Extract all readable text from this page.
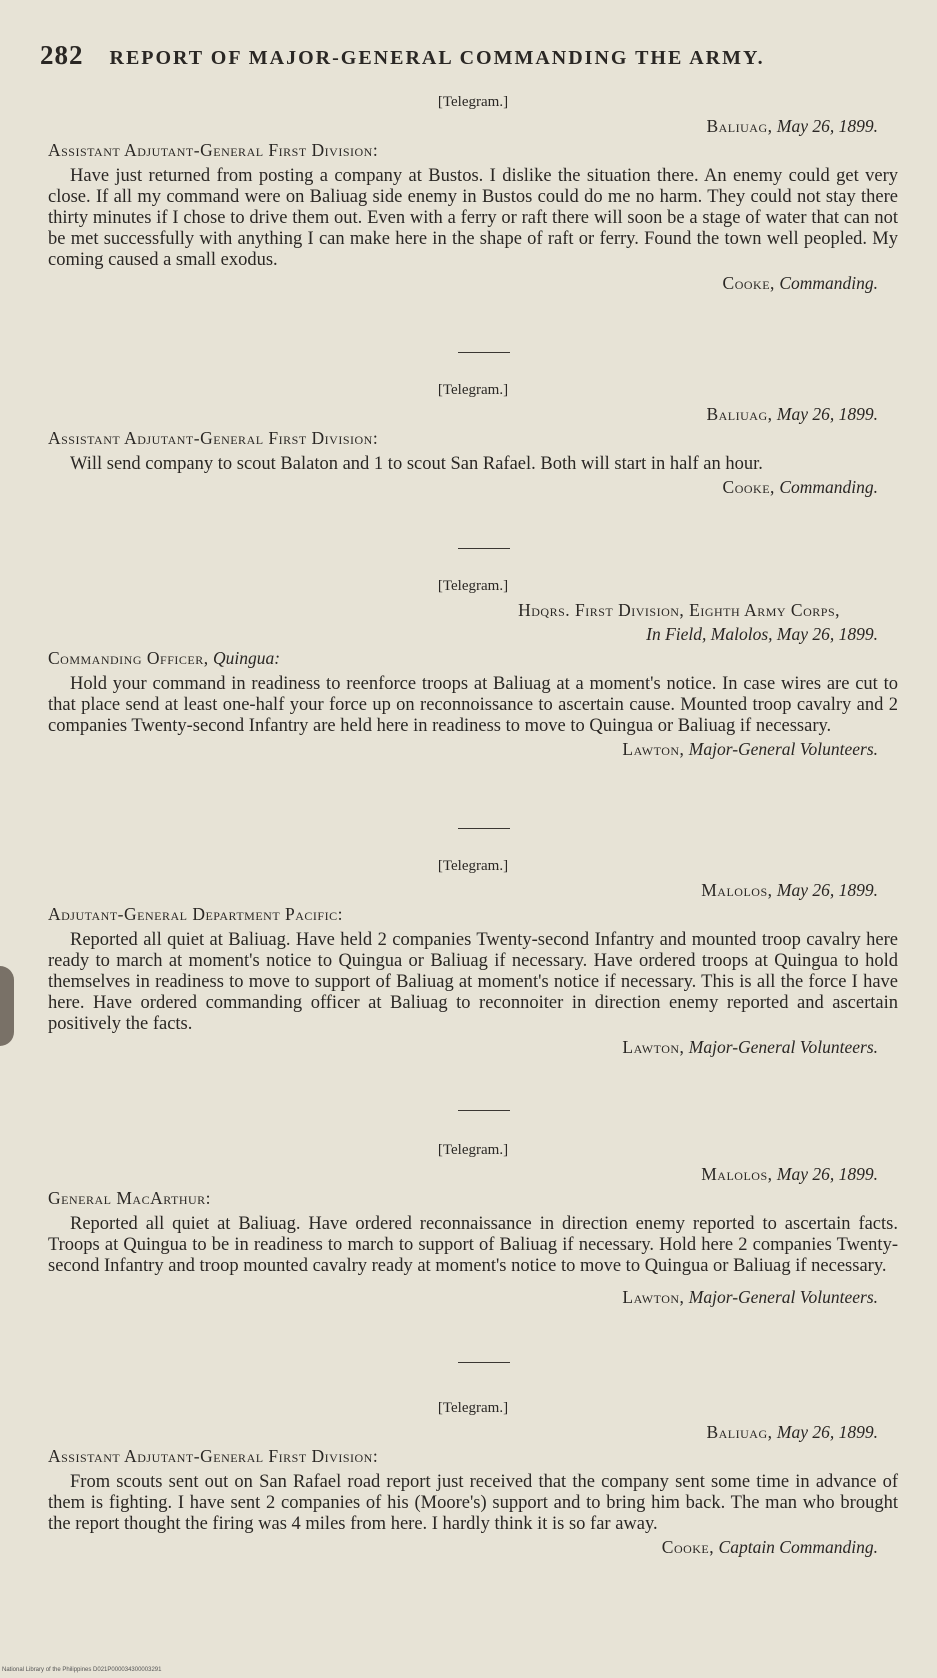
282 REPORT OF MAJOR-GENERAL COMMANDING THE ARMY.
[Telegram.]
Baliuag, May 26, 1899.
Assistant Adjutant-General First Division:
Have just returned from posting a company at Bustos. I dislike the situation there. An enemy could get very close. If all my command were on Baliuag side enemy in Bustos could do me no harm. They could not stay there thirty minutes if I chose to drive them out. Even with a ferry or raft there will soon be a stage of water that can not be met successfully with anything I can make here in the shape of raft or ferry. Found the town well peopled. My coming caused a small exodus.
Cooke, Commanding.
[Telegram.]
Baliuag, May 26, 1899.
Assistant Adjutant-General First Division:
Will send company to scout Balaton and 1 to scout San Rafael. Both will start in half an hour.
Cooke, Commanding.
[Telegram.]
Hdqrs. First Division, Eighth Army Corps,
In Field, Malolos, May 26, 1899.
Commanding Officer, Quingua:
Hold your command in readiness to reenforce troops at Baliuag at a moment's notice. In case wires are cut to that place send at least one-half your force up on reconnoissance to ascertain cause. Mounted troop cavalry and 2 companies Twenty-second Infantry are held here in readiness to move to Quingua or Baliuag if necessary.
Lawton, Major-General Volunteers.
[Telegram.]
Malolos, May 26, 1899.
Adjutant-General Department Pacific:
Reported all quiet at Baliuag. Have held 2 companies Twenty-second Infantry and mounted troop cavalry here ready to march at moment's notice to Quingua or Baliuag if necessary. Have ordered troops at Quingua to hold themselves in readiness to move to support of Baliuag at moment's notice if necessary. This is all the force I have here. Have ordered commanding officer at Baliuag to reconnoiter in direction enemy reported and ascertain positively the facts.
Lawton, Major-General Volunteers.
[Telegram.]
Malolos, May 26, 1899.
General MacArthur:
Reported all quiet at Baliuag. Have ordered reconnaissance in direction enemy reported to ascertain facts. Troops at Quingua to be in readiness to march to support of Baliuag if necessary. Hold here 2 companies Twenty-second Infantry and troop mounted cavalry ready at moment's notice to move to Quingua or Baliuag if necessary.
Lawton, Major-General Volunteers.
[Telegram.]
Baliuag, May 26, 1899.
Assistant Adjutant-General First Division:
From scouts sent out on San Rafael road report just received that the company sent some time in advance of them is fighting. I have sent 2 companies of his (Moore's) support and to bring him back. The man who brought the report thought the firing was 4 miles from here. I hardly think it is so far away.
Cooke, Captain Commanding.
National Library of the Philippines D021P000034300003291
